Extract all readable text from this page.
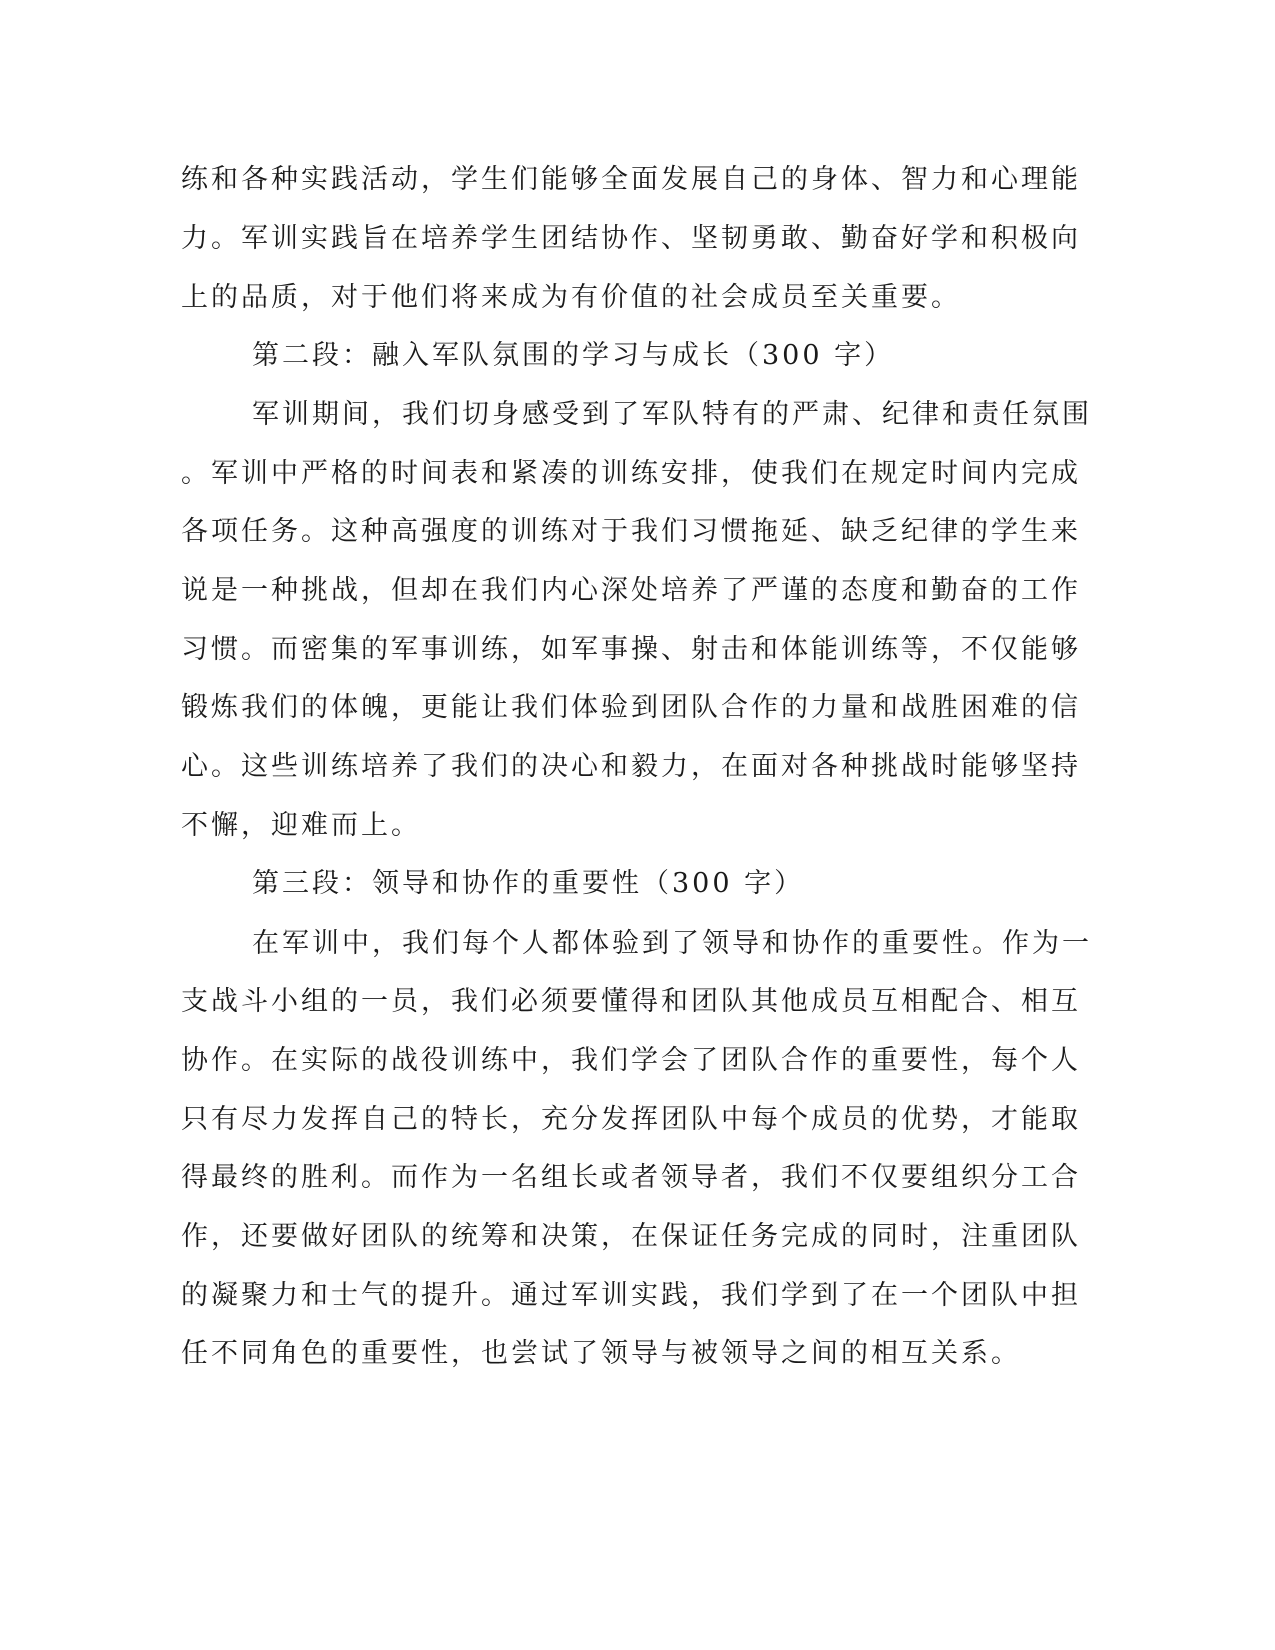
练和各种实践活动，学生们能够全面发展自己的身体、智力和心理能
力。军训实践旨在培养学生团结协作、坚韧勇敢、勤奋好学和积极向
上的品质，对于他们将来成为有价值的社会成员至关重要。
第二段：融入军队氛围的学习与成长（300 字）
军训期间，我们切身感受到了军队特有的严肃、纪律和责任氛围
。军训中严格的时间表和紧凑的训练安排，使我们在规定时间内完成
各项任务。这种高强度的训练对于我们习惯拖延、缺乏纪律的学生来
说是一种挑战，但却在我们内心深处培养了严谨的态度和勤奋的工作
习惯。而密集的军事训练，如军事操、射击和体能训练等，不仅能够
锻炼我们的体魄，更能让我们体验到团队合作的力量和战胜困难的信
心。这些训练培养了我们的决心和毅力，在面对各种挑战时能够坚持
不懈，迎难而上。
第三段：领导和协作的重要性（300 字）
在军训中，我们每个人都体验到了领导和协作的重要性。作为一
支战斗小组的一员，我们必须要懂得和团队其他成员互相配合、相互
协作。在实际的战役训练中，我们学会了团队合作的重要性，每个人
只有尽力发挥自己的特长，充分发挥团队中每个成员的优势，才能取
得最终的胜利。而作为一名组长或者领导者，我们不仅要组织分工合
作，还要做好团队的统筹和决策，在保证任务完成的同时，注重团队
的凝聚力和士气的提升。通过军训实践，我们学到了在一个团队中担
任不同角色的重要性，也尝试了领导与被领导之间的相互关系。
